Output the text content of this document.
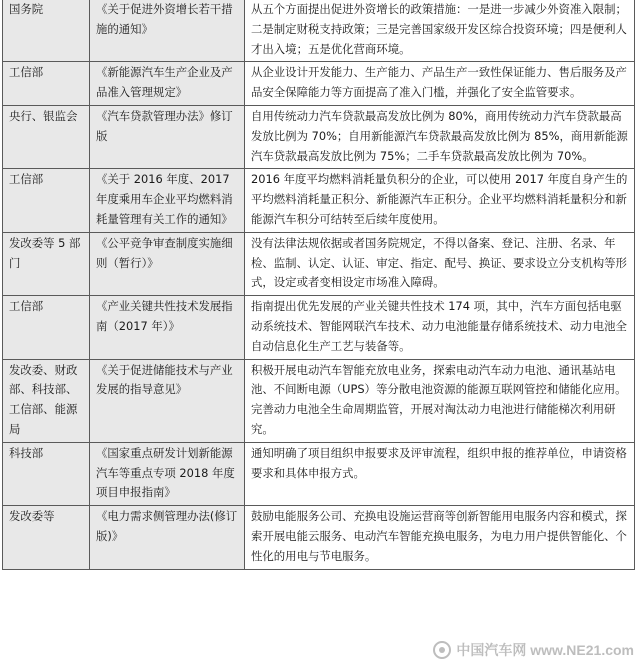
国务院	《关于促进外资增长若干措施的通知》	从五个方面提出促进外资增长的政策措施：一是进一步减少外资准入限制；二是制定财税支持政策；三是完善国家级开发区综合投资环境；四是便利人才出入境；五是优化营商环境。
工信部	《新能源汽车生产企业及产品准入管理规定》	从企业设计开发能力、生产能力、产品生产一致性保证能力、售后服务及产品安全保障能力等方面提高了准入门槛，并强化了安全监管要求。
央行、银监会	《汽车贷款管理办法》修订版	自用传统动力汽车贷款最高发放比例为 80%，商用传统动力汽车贷款最高发放比例为 70%；自用新能源汽车贷款最高发放比例为 85%，商用新能源汽车贷款最高发放比例为 75%；二手车贷款最高发放比例为 70%。
工信部	《关于 2016 年度、2017 年度乘用车企业平均燃料消耗量管理有关工作的通知》	2016 年度平均燃料消耗量负积分的企业，可以使用 2017 年度自身产生的平均燃料消耗量正积分、新能源汽车正积分。企业平均燃料消耗量积分和新能源汽车积分可结转至后续年度使用。
发改委等 5 部门	《公平竞争审查制度实施细则（暂行）》	没有法律法规依据或者国务院规定，不得以备案、登记、注册、名录、年检、监制、认定、认证、审定、指定、配号、换证、要求设立分支机构等形式，设定或者变相设定市场准入障碍。
工信部	《产业关键共性技术发展指南（2017 年）》	指南提出优先发展的产业关键共性技术 174 项，其中，汽车方面包括电驱动系统技术、智能网联汽车技术、动力电池能量存储系统技术、动力电池全自动信息化生产工艺与装备等。
发改委、财政部、科技部、工信部、能源局	《关于促进储能技术与产业发展的指导意见》	积极开展电动汽车智能充放电业务，探索电动汽车动力电池、通讯基站电池、不间断电源（UPS）等分散电池资源的能源互联网管控和储能化应用。完善动力电池全生命周期监管，开展对淘汰动力电池进行储能梯次利用研究。
科技部	《国家重点研发计划新能源汽车等重点专项 2018 年度项目申报指南》	通知明确了项目组织申报要求及评审流程，组织申报的推荐单位，申请资格要求和具体申报方式。
发改委等	《电力需求侧管理办法(修订版)》	鼓励电能服务公司、充换电设施运营商等创新智能用电服务内容和模式，探索开展电能云服务、电动汽车智能充换电服务，为电力用户提供智能化、个性化的用电与节电服务。
中国汽车网 www.NE21.com
